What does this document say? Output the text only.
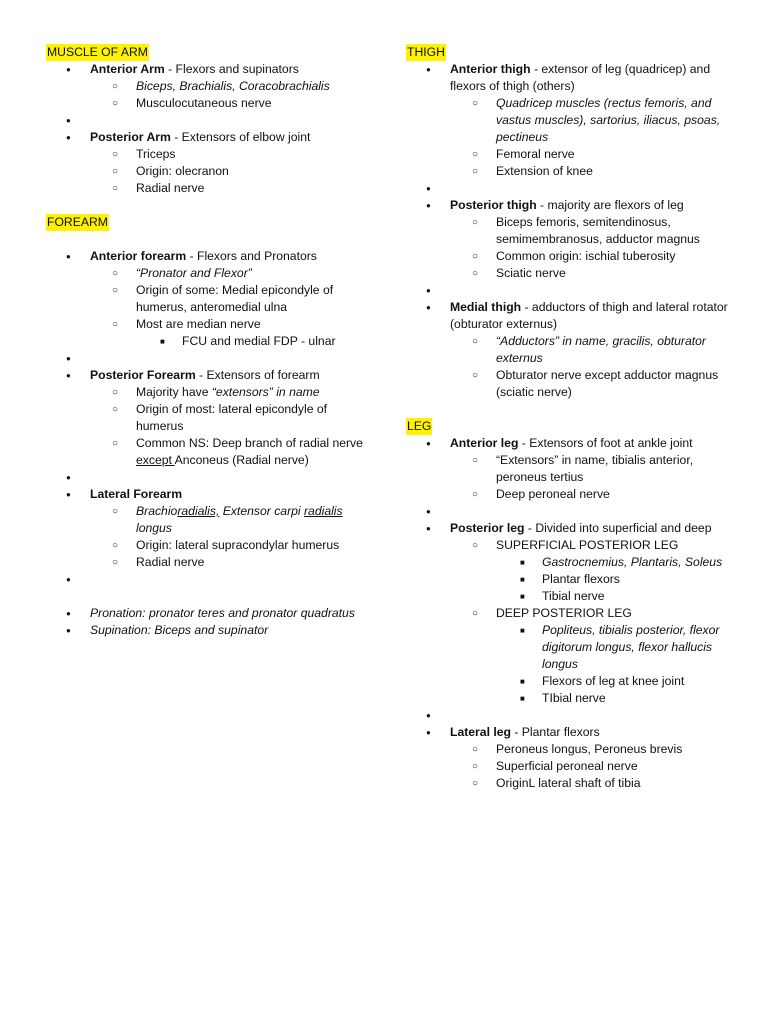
MUSCLE OF ARM
● Anterior Arm - Flexors and supinators
○ Biceps, Brachialis, Coracobrachialis
○ Musculocutaneous nerve
●
● Posterior Arm - Extensors of elbow joint
○ Triceps
○ Origin: olecranon
○ Radial nerve
FOREARM
● Anterior forearm - Flexors and Pronators
○ “Pronator and Flexor”
○ Origin of some: Medial epicondyle of humerus, anteromedial ulna
○ Most are median nerve
■ FCU and medial FDP - ulnar
●
● Posterior Forearm - Extensors of forearm
○ Majority have “extensors” in name
○ Origin of most: lateral epicondyle of humerus
○ Common NS: Deep branch of radial nerve except Anconeus (Radial nerve)
●
● Lateral Forearm
○ Brachioradialis, Extensor carpi radialis longus
○ Origin: lateral supracondylar humerus
○ Radial nerve
●
● Pronation: pronator teres and pronator quadratus
● Supination: Biceps and supinator
THIGH
● Anterior thigh - extensor of leg (quadricep) and flexors of thigh (others)
○ Quadricep muscles (rectus femoris, and vastus muscles), sartorius, iliacus, psoas, pectineus
○ Femoral nerve
○ Extension of knee
●
● Posterior thigh - majority are flexors of leg
○ Biceps femoris, semitendinosus, semimembranosus, adductor magnus
○ Common origin: ischial tuberosity
○ Sciatic nerve
●
● Medial thigh - adductors of thigh and lateral rotator (obturator externus)
○ “Adductors” in name, gracilis, obturator externus
○ Obturator nerve except adductor magnus (sciatic nerve)
LEG
● Anterior leg - Extensors of foot at ankle joint
○ “Extensors” in name, tibialis anterior, peroneus tertius
○ Deep peroneal nerve
●
● Posterior leg - Divided into superficial and deep
○ SUPERFICIAL POSTERIOR LEG
■ Gastrocnemius, Plantaris, Soleus
■ Plantar flexors
■ Tibial nerve
○ DEEP POSTERIOR LEG
■ Popliteus, tibialis posterior, flexor digitorum longus, flexor hallucis longus
■ Flexors of leg at knee joint
■ TIbial nerve
●
● Lateral leg - Plantar flexors
○ Peroneus longus, Peroneus brevis
○ Superficial peroneal nerve
○ OriginL lateral shaft of tibia
